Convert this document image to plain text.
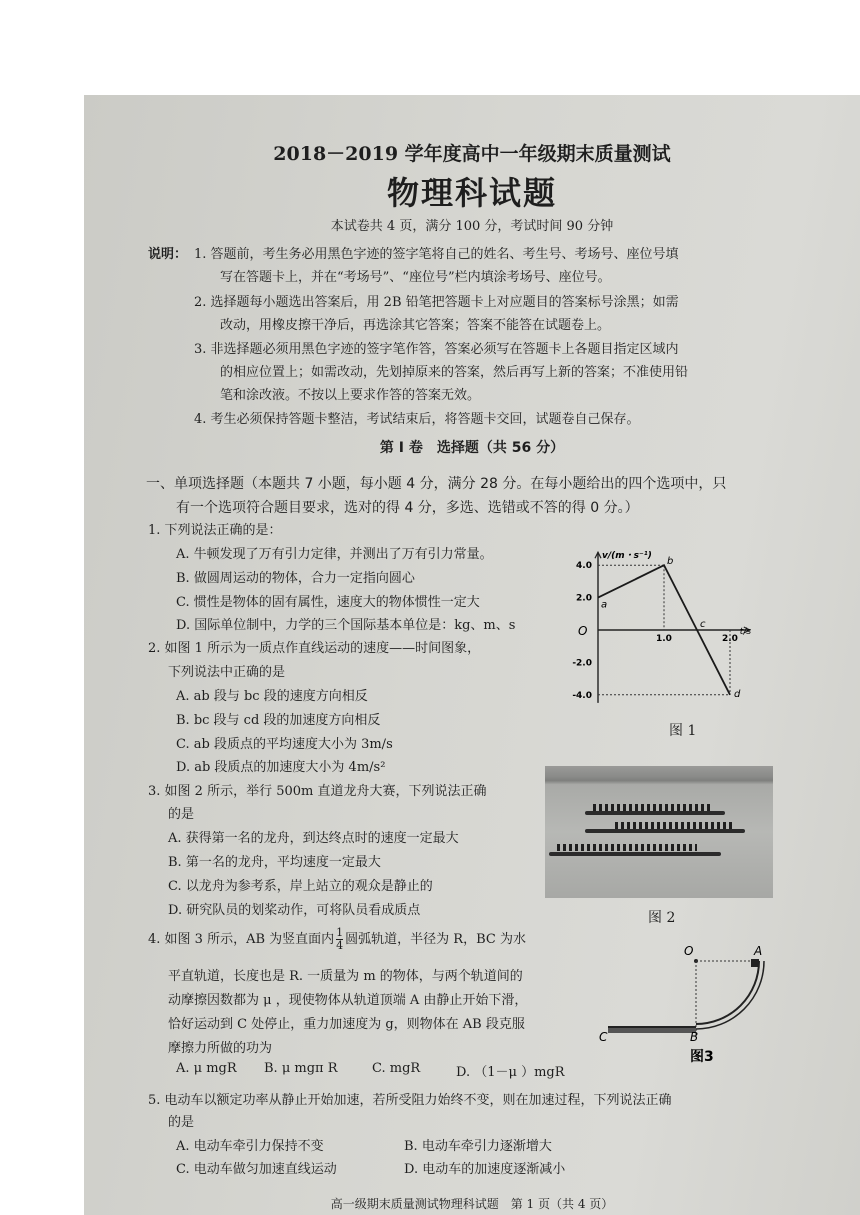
2018－2019 学年度高中一年级期末质量测试
物理科试题
本试卷共 4 页，满分 100 分，考试时间 90 分钟
说明： 1. 答题前，考生务必用黑色字迹的签字笔将自己的姓名、考生号、考场号、座位号填
写在答题卡上，并在“考场号”、“座位号”栏内填涂考场号、座位号。
2. 选择题每小题选出答案后，用 2B 铅笔把答题卡上对应题目的答案标号涂黑；如需
改动，用橡皮擦干净后，再选涂其它答案；答案不能答在试题卷上。
3. 非选择题必须用黑色字迹的签字笔作答，答案必须写在答题卡上各题目指定区域内
的相应位置上；如需改动，先划掉原来的答案，然后再写上新的答案；不准使用铅
笔和涂改液。不按以上要求作答的答案无效。
4. 考生必须保持答题卡整洁，考试结束后，将答题卡交回，试题卷自己保存。
第 Ⅰ 卷　选择题（共 56 分）
一、单项选择题（本题共 7 小题，每小题 4 分，满分 28 分。在每小题给出的四个选项中，只
有一个选项符合题目要求，选对的得 4 分，多选、选错或不答的得 0 分。）
1. 下列说法正确的是：
A. 牛顿发现了万有引力定律，并测出了万有引力常量。
B. 做圆周运动的物体，合力一定指向圆心
C. 惯性是物体的固有属性，速度大的物体惯性一定大
D. 国际单位制中，力学的三个国际基本单位是：kg、m、s
2. 如图 1 所示为一质点作直线运动的速度——时间图象，
下列说法中正确的是
A. ab 段与 bc 段的速度方向相反
B. bc 段与 cd 段的加速度方向相反
C. ab 段质点的平均速度大小为 3m/s
D. ab 段质点的加速度大小为 4m/s²
v/(m・s⁻¹)
t/s
O
4.0
2.0
-2.0
-4.0
1.0	2.0
a
b
c
d
图 1
3. 如图 2 所示，举行 500m 直道龙舟大赛，下列说法正确
的是
A. 获得第一名的龙舟，到达终点时的速度一定最大
B. 第一名的龙舟，平均速度一定最大
C. 以龙舟为参考系，岸上站立的观众是静止的
D. 研究队员的划桨动作，可将队员看成质点	图 2
4. 如图 3 所示，AB 为竖直面内 $\frac{1}{4}$ 圆弧轨道，半径为 R，BC 为水
平直轨道，长度也是 R. 一质量为 m 的物体，与两个轨道间的
动摩擦因数都为 μ ，现使物体从轨道顶端 A 由静止开始下滑，
恰好运动到 C 处停止，重力加速度为 g，则物体在 AB 段克服
摩擦力所做的功为
A. μ mgR B. μ mgπ R	C. mgR	D. （1－μ ）mgR
O	A
B
C
图3
5. 电动车以额定功率从静止开始加速，若所受阻力始终不变，则在加速过程，下列说法正确
的是
A. 电动车牵引力保持不变	B. 电动车牵引力逐渐增大
C. 电动车做匀加速直线运动	D. 电动车的加速度逐渐减小
高一级期末质量测试物理科试题　第 1 页（共 4 页）
